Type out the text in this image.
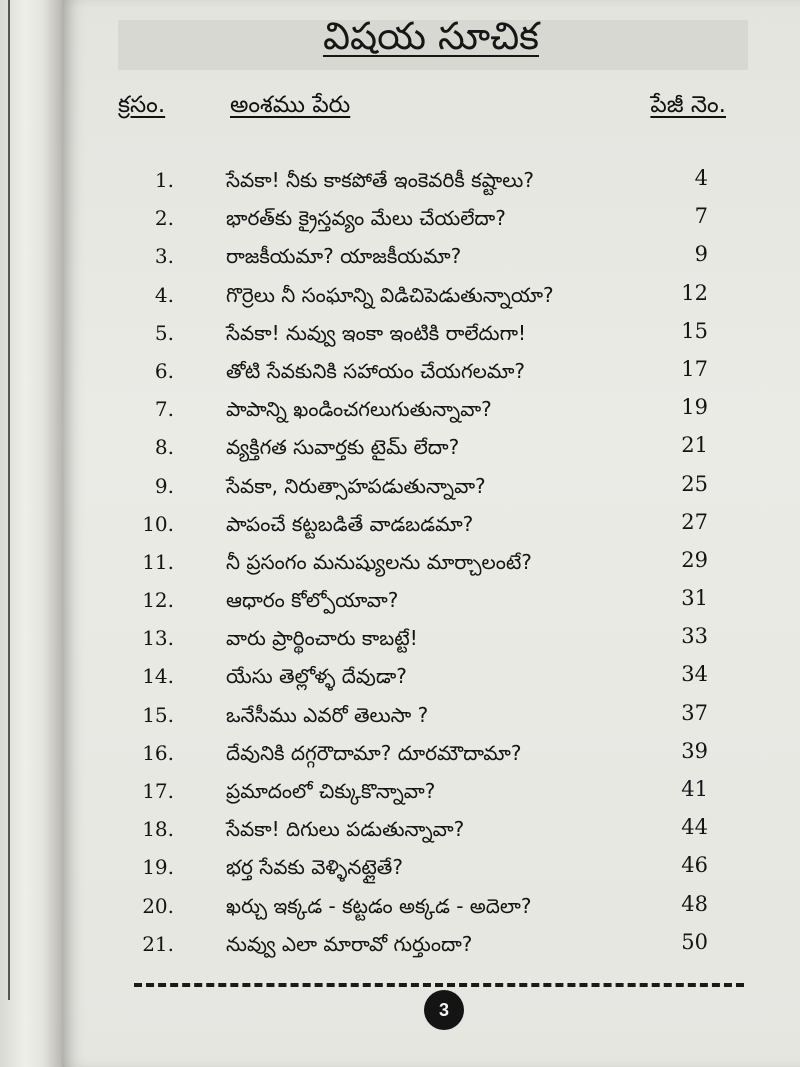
విషయ సూచిక
క్రసం.	అంశము పేరు	పేజీ నెం.
1.	సేవకా! నీకు కాకపోతే ఇంకెవరికీ కష్టాలు?	4
2.	భారత్‌కు క్రైస్తవ్యం మేలు చేయలేదా?	7
3.	రాజకీయమా? యాజకీయమా?	9
4.	గొర్రెలు నీ సంఘాన్ని విడిచిపెడుతున్నాయా?	12
5.	సేవకా! నువ్వు ఇంకా ఇంటికి రాలేదుగా!	15
6.	తోటి సేవకునికి సహాయం చేయగలమా?	17
7.	పాపాన్ని ఖండించగలుగుతున్నావా?	19
8.	వ్యక్తిగత సువార్తకు టైమ్ లేదా?	21
9.	సేవకా, నిరుత్సాహపడుతున్నావా?	25
10.	పాపంచే కట్టబడితే వాడబడమా?	27
11.	నీ ప్రసంగం మనుష్యులను మార్చాలంటే?	29
12.	ఆధారం కోల్పోయావా?	31
13.	వారు ప్రార్థించారు కాబట్టే!	33
14.	యేసు తెల్లోళ్ళ దేవుడా?	34
15.	ఒనేసీము ఎవరో తెలుసా ?	37
16.	దేవునికి దగ్గరౌదామా? దూరమౌదామా?	39
17.	ప్రమాదంలో చిక్కుకొన్నావా?	41
18.	సేవకా! దిగులు పడుతున్నావా?	44
19.	భర్త సేవకు వెళ్ళినట్లైతే?	46
20.	ఖర్చు ఇక్కడ - కట్టడం అక్కడ - అదెలా?	48
21.	నువ్వు ఎలా మారావో గుర్తుందా?	50
3
